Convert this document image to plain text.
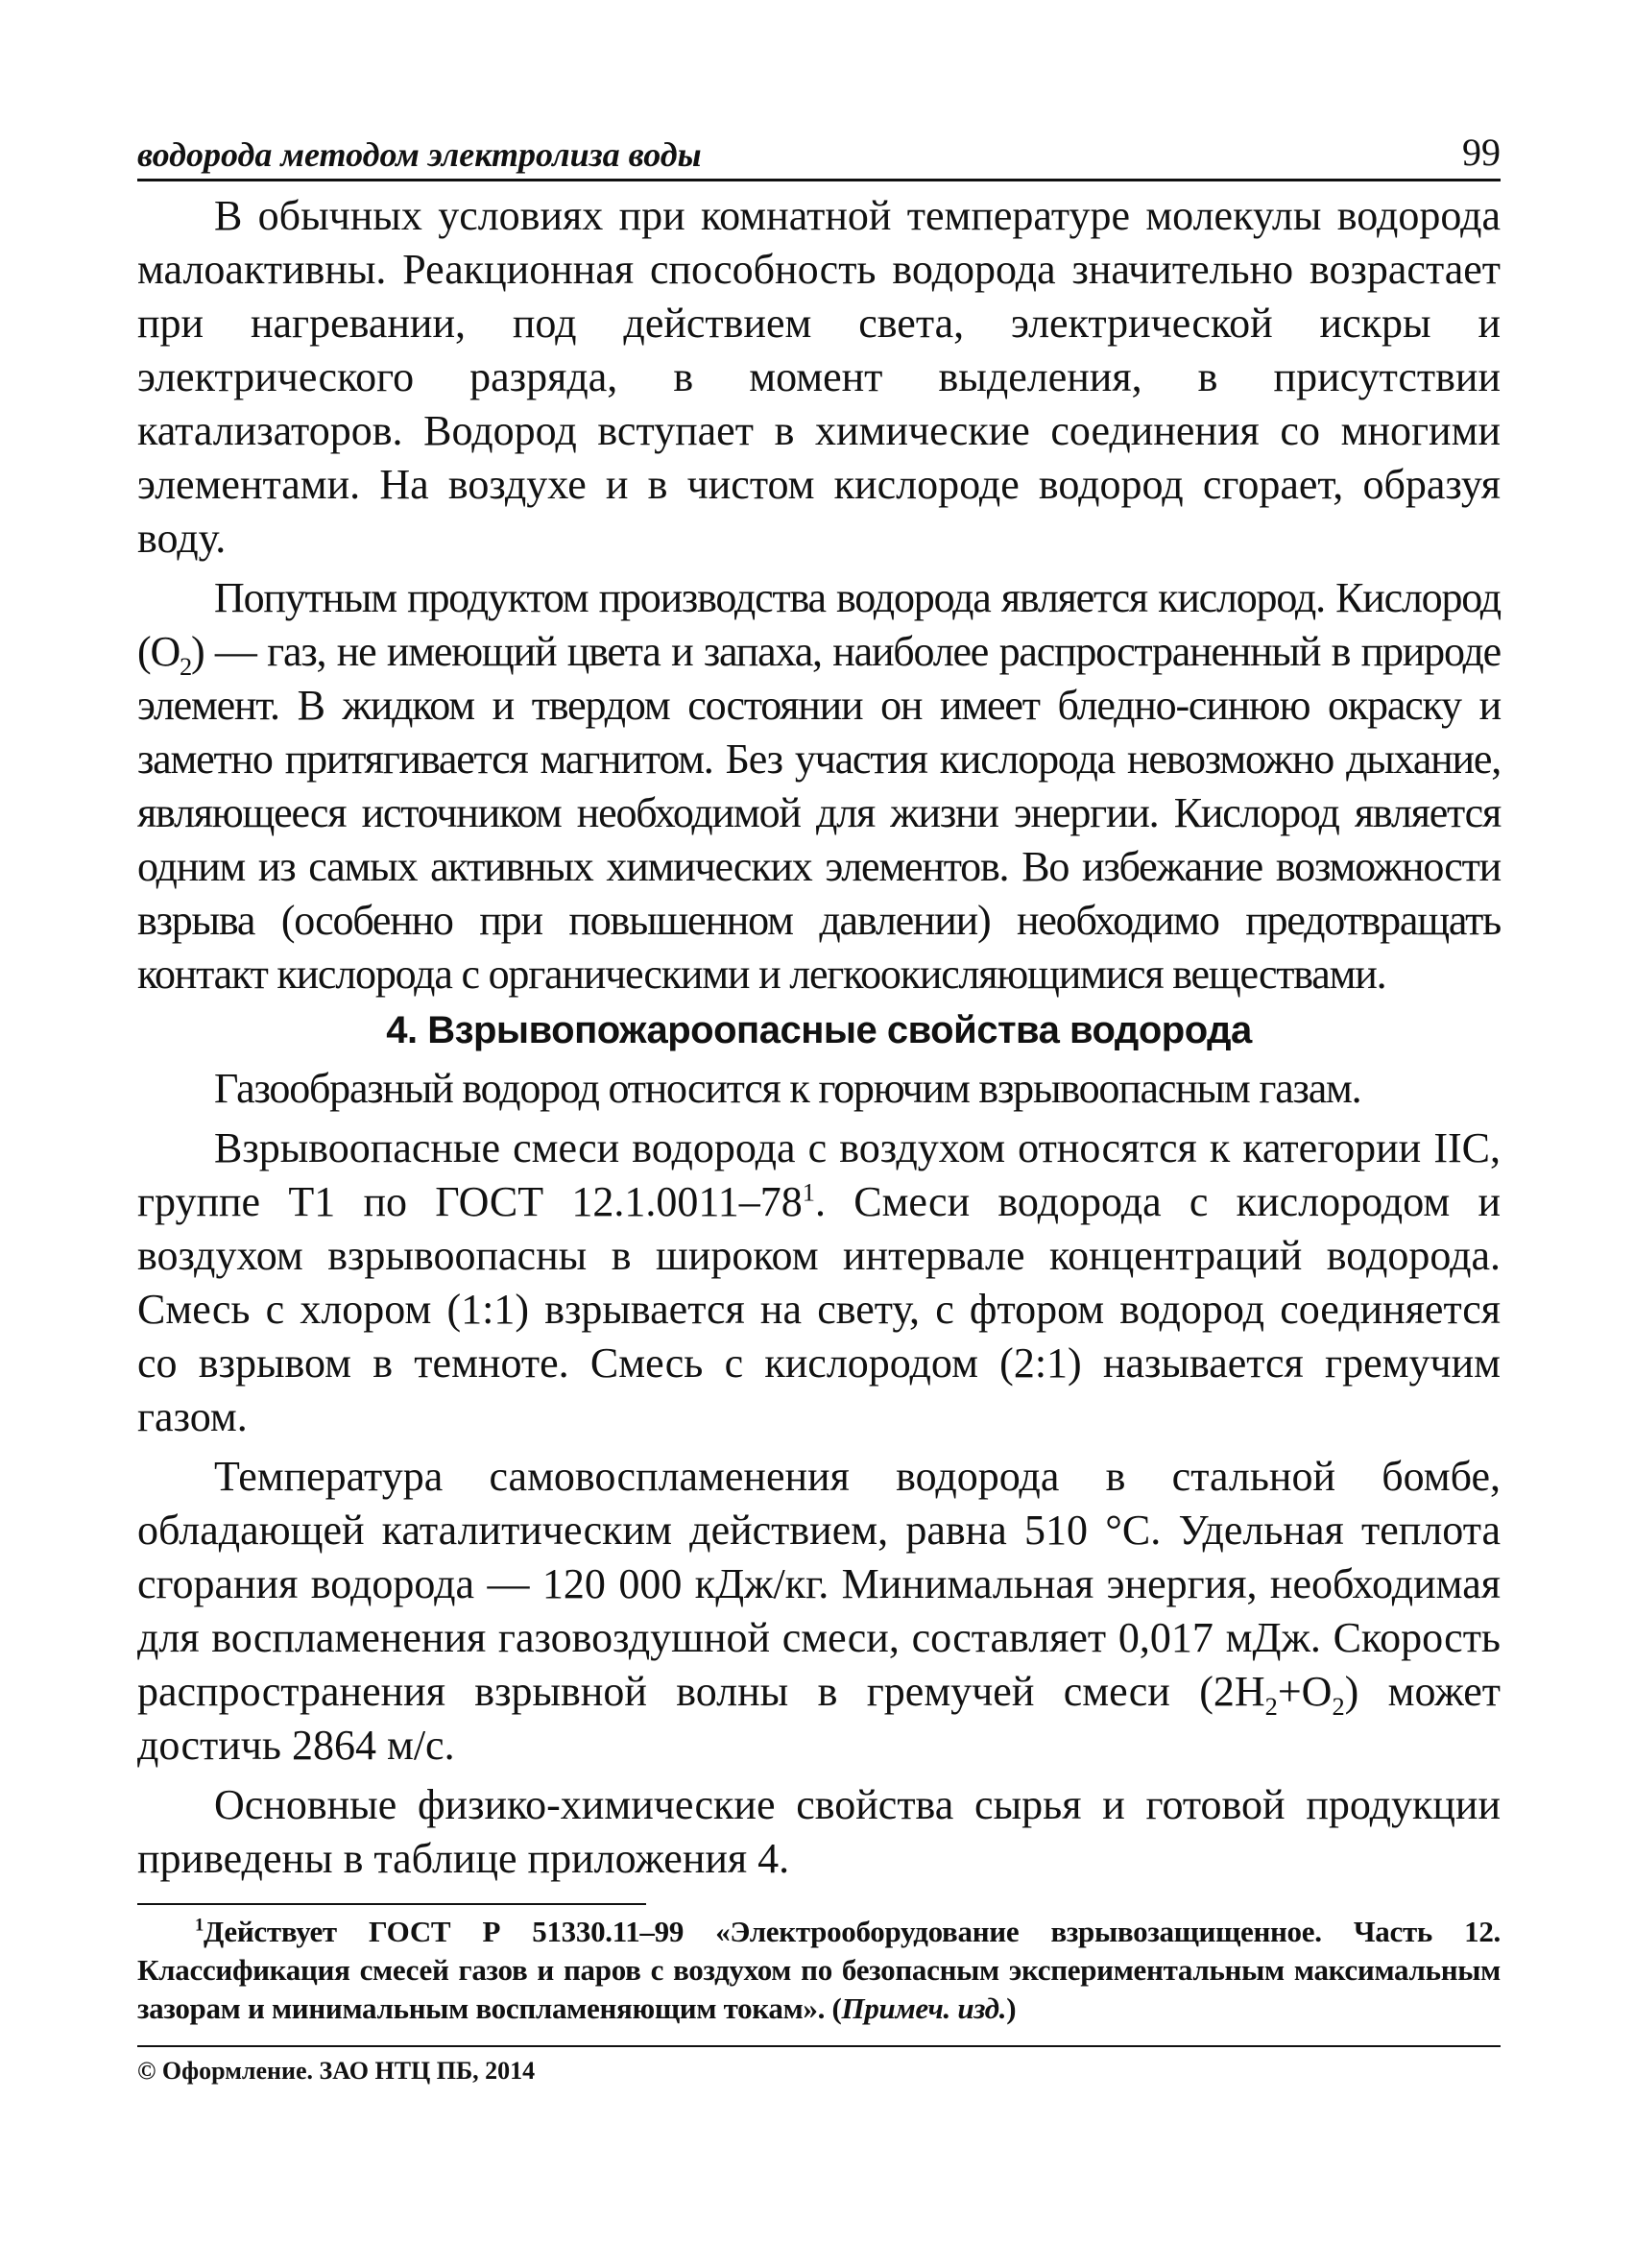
водорода методом электролиза воды	99

В обычных условиях при комнатной температуре молекулы водорода малоактивны. Реакционная способность водорода значительно возрастает при нагревании, под действием света, электрической искры и электрического разряда, в момент выделения, в присутствии катализаторов. Водород вступает в химические соединения со многими элементами. На воздухе и в чистом кислороде водород сгорает, образуя воду.

Попутным продуктом производства водорода является кислород. Кислород $(O_2)$ — газ, не имеющий цвета и запаха, наиболее распространенный в природе элемент. В жидком и твердом состоянии он имеет бледно-синюю окраску и заметно притягивается магнитом. Без участия кислорода невозможно дыхание, являющееся источником необходимой для жизни энергии. Кислород является одним из самых активных химических элементов. Во избежание возможности взрыва (особенно при повышенном давлении) необходимо предотвращать контакт кислорода с органическими и легкоокисляющимися веществами.

4. Взрывопожароопасные свойства водорода

Газообразный водород относится к горючим взрывоопасным газам.

Взрывоопасные смеси водорода с воздухом относятся к категории IIC, группе T1 по ГОСТ $12.1.0011-78^1$. Смеси водорода с кислородом и воздухом взрывоопасны в широком интервале концентраций водорода. Смесь с хлором (1:1) взрывается на свету, с фтором водород соединяется со взрывом в темноте. Смесь с кислородом (2:1) называется гремучим газом.

Температура самовоспламенения водорода в стальной бомбе, обладающей каталитическим действием, равна 510 °C. Удельная теплота сгорания водорода — 120 000 кДж/кг. Минимальная энергия, необходимая для воспламенения газовоздушной смеси, составляет 0,017 мДж. Скорость распространения взрывной волны в гремучей смеси $(2H_2+O_2)$ может достичь 2864 м/с.

Основные физико-химические свойства сырья и готовой продукции приведены в таблице приложения 4.

$^1$Действует ГОСТ Р 51330.11–99 «Электрооборудование взрывозащищенное. Часть 12. Классификация смесей газов и паров с воздухом по безопасным экспериментальным максимальным зазорам и минимальным воспламеняющим токам». (Примеч. изд.)
© Оформление. ЗАО НТЦ ПБ, 2014
